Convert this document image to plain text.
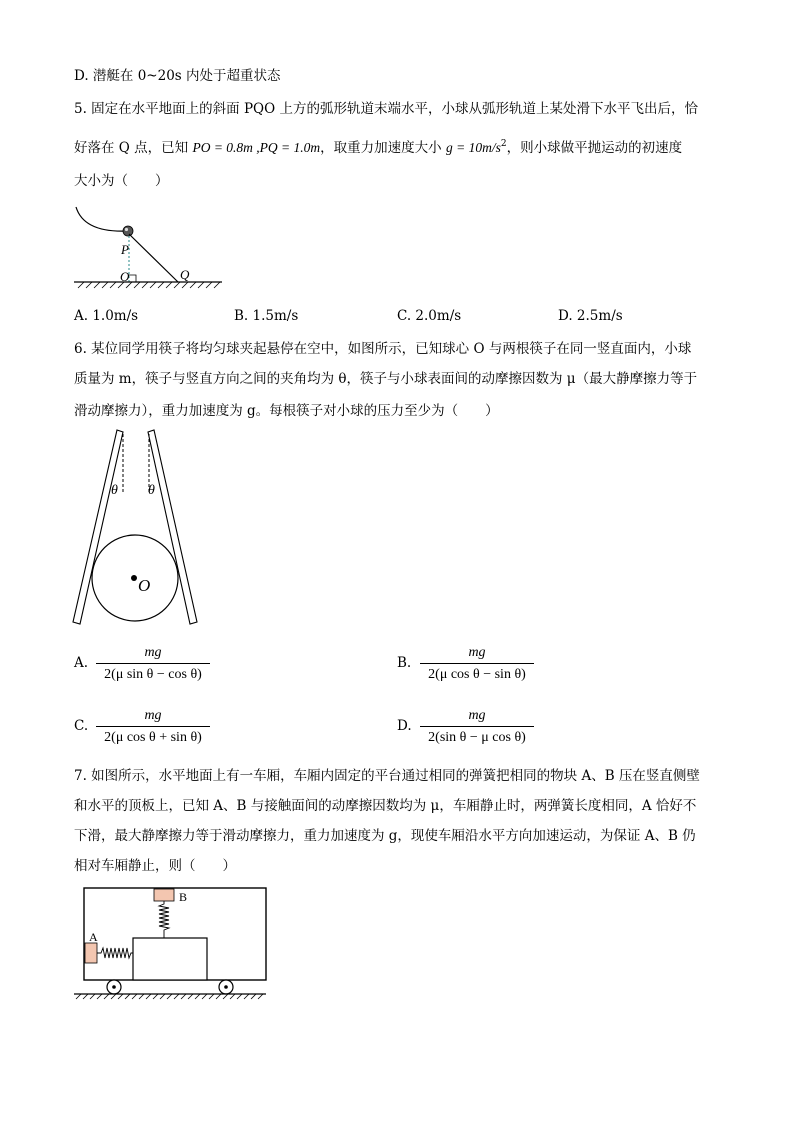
D. 潜艇在 0~20s 内处于超重状态
5. 固定在水平地面上的斜面 PQO 上方的弧形轨道末端水平，小球从弧形轨道上某处滑下水平飞出后，恰
好落在 Q 点，已知 PO = 0.8m ,PQ = 1.0m，取重力加速度大小 $g = 10m/s^2$，则小球做平抛运动的初速度
大小为（　　）
P
O	Q
A. 1.0m/s	B. 1.5m/s	C. 2.0m/s	D. 2.5m/s
6. 某位同学用筷子将均匀球夹起悬停在空中，如图所示，已知球心 O 与两根筷子在同一竖直面内，小球
质量为 m，筷子与竖直方向之间的夹角均为 θ，筷子与小球表面间的动摩擦因数为 μ（最大静摩擦力等于
滑动摩擦力），重力加速度为 g。每根筷子对小球的压力至少为（　　）
θ θ
O
A.
mg
2(μ sin θ − cos θ)
B.
mg
2(μ cos θ − sin θ)
C.
mg
2(μ cos θ + sin θ)
D.
mg
2(sin θ − μ cos θ)
7. 如图所示，水平地面上有一车厢，车厢内固定的平台通过相同的弹簧把相同的物块 A、B 压在竖直侧壁
和水平的顶板上，已知 A、B 与接触面间的动摩擦因数均为 μ，车厢静止时，两弹簧长度相同，A 恰好不
下滑，最大静摩擦力等于滑动摩擦力，重力加速度为 g，现使车厢沿水平方向加速运动，为保证 A、B 仍
相对车厢静止，则（　　）
B
A
